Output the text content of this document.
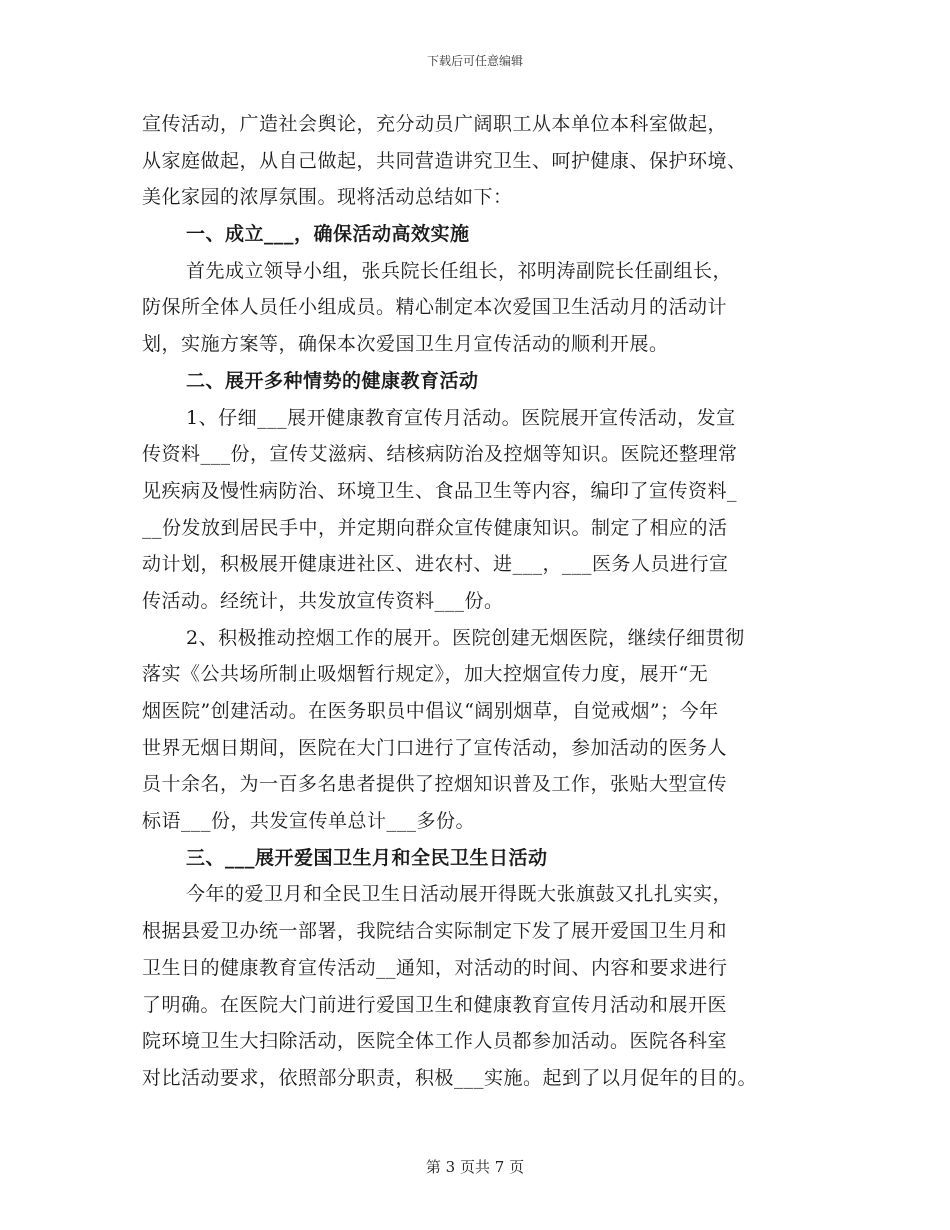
下载后可任意编辑
宣传活动，广造社会舆论，充分动员广阔职工从本单位本科室做起，
从家庭做起，从自己做起，共同营造讲究卫生、呵护健康、保护环境、
美化家园的浓厚氛围。现将活动总结如下：
一、成立___，确保活动高效实施
首先成立领导小组，张兵院长任组长，祁明涛副院长任副组长，
防保所全体人员任小组成员。精心制定本次爱国卫生活动月的活动计
划，实施方案等，确保本次爱国卫生月宣传活动的顺利开展。
二、展开多种情势的健康教育活动
1、仔细___展开健康教育宣传月活动。医院展开宣传活动，发宣
传资料___份，宣传艾滋病、结核病防治及控烟等知识。医院还整理常
见疾病及慢性病防治、环境卫生、食品卫生等内容，编印了宣传资料_
__份发放到居民手中，并定期向群众宣传健康知识。制定了相应的活
动计划，积极展开健康进社区、进农村、进___，___医务人员进行宣
传活动。经统计，共发放宣传资料___份。
2、积极推动控烟工作的展开。医院创建无烟医院，继续仔细贯彻
落实《公共场所制止吸烟暂行规定》，加大控烟宣传力度，展开“无
烟医院”创建活动。在医务职员中倡议“阔别烟草，自觉戒烟”；今年
世界无烟日期间，医院在大门口进行了宣传活动，参加活动的医务人
员十余名，为一百多名患者提供了控烟知识普及工作，张贴大型宣传
标语___份，共发宣传单总计___多份。
三、___展开爱国卫生月和全民卫生日活动
今年的爱卫月和全民卫生日活动展开得既大张旗鼓又扎扎实实，
根据县爱卫办统一部署，我院结合实际制定下发了展开爱国卫生月和
卫生日的健康教育宣传活动__通知，对活动的时间、内容和要求进行
了明确。在医院大门前进行爱国卫生和健康教育宣传月活动和展开医
院环境卫生大扫除活动，医院全体工作人员都参加活动。医院各科室
对比活动要求，依照部分职责，积极___实施。起到了以月促年的目的。
第 3 页共 7 页
